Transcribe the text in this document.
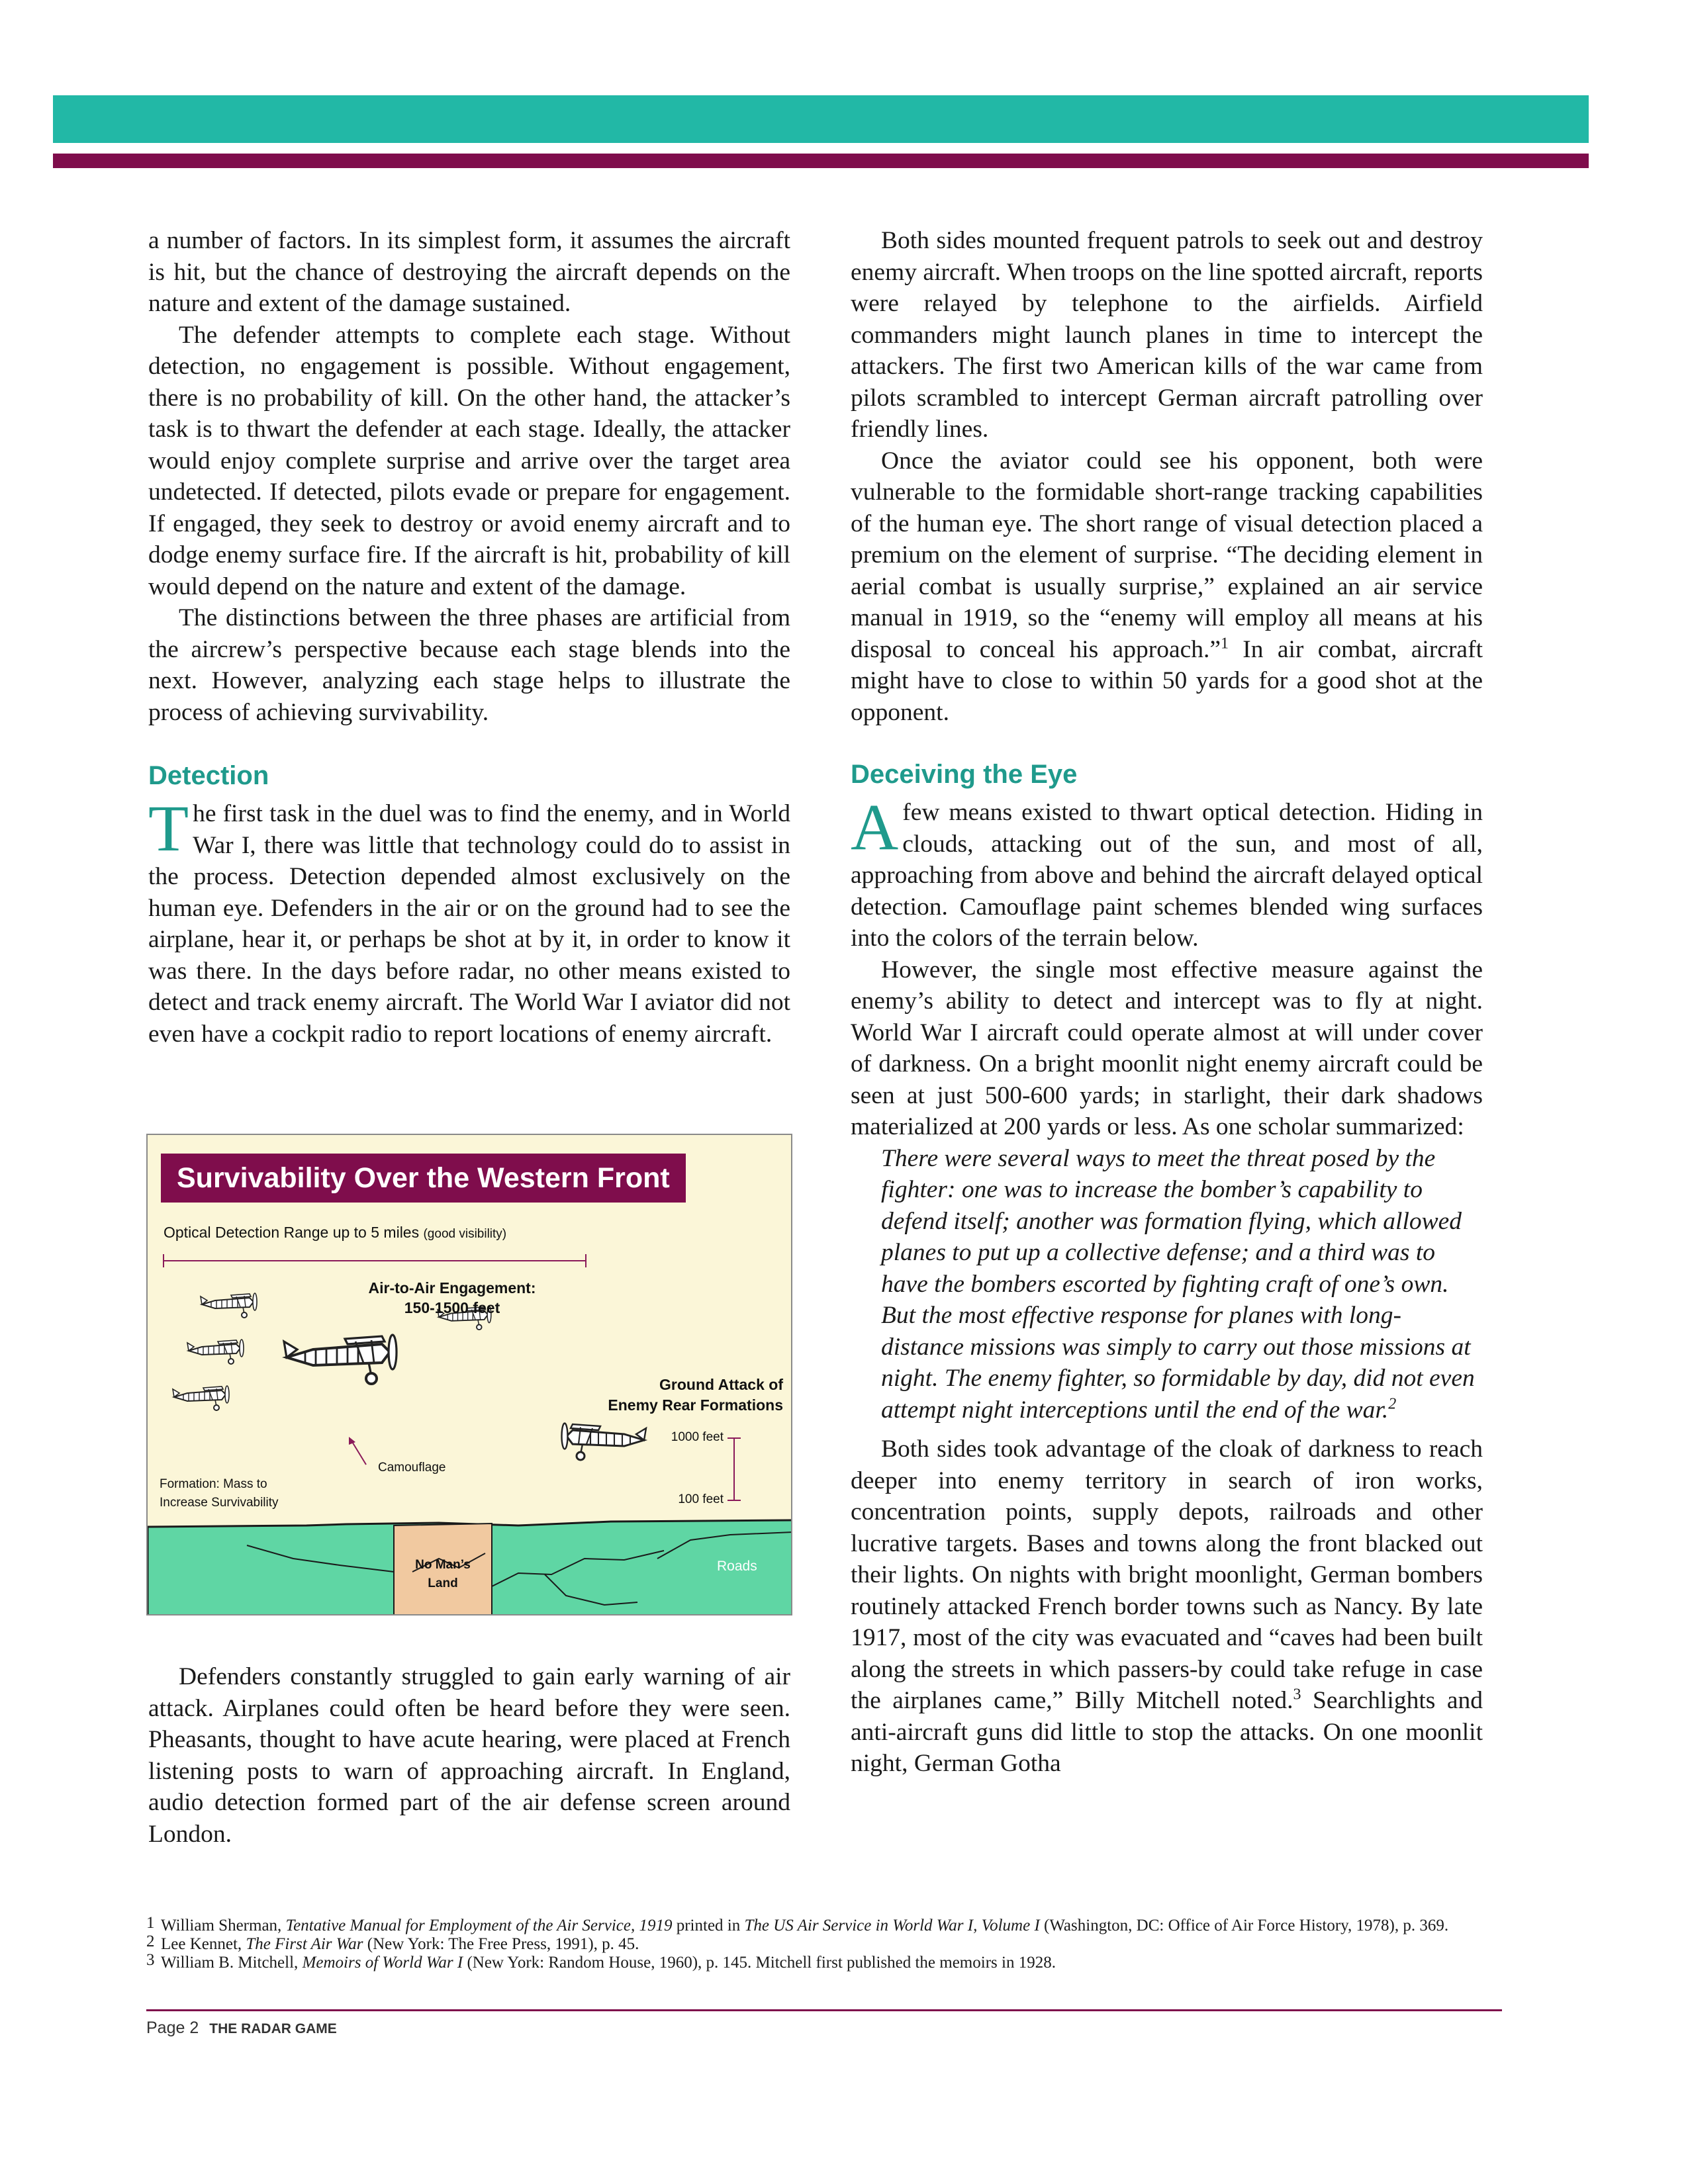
a number of factors. In its simplest form, it assumes the aircraft is hit, but the chance of destroying the aircraft depends on the nature and extent of the damage sustained.

The defender attempts to complete each stage. Without detection, no engagement is possible. Without engagement, there is no probability of kill. On the other hand, the attacker’s task is to thwart the defender at each stage. Ideally, the attacker would enjoy complete surprise and arrive over the target area undetected. If detected, pilots evade or prepare for engagement. If engaged, they seek to destroy or avoid enemy aircraft and to dodge enemy surface fire. If the aircraft is hit, probability of kill would depend on the nature and extent of the damage.

The distinctions between the three phases are artificial from the aircrew’s perspective because each stage blends into the next. However, analyzing each stage helps to illustrate the process of achieving survivability.

Detection

The first task in the duel was to find the enemy, and in World War I, there was little that technology could do to assist in the process. Detection depended almost exclusively on the human eye. Defenders in the air or on the ground had to see the airplane, hear it, or perhaps be shot at by it, in order to know it was there. In the days before radar, no other means existed to detect and track enemy aircraft. The World War I aviator did not even have a cockpit radio to report locations of enemy aircraft.

Survivability Over the Western Front
Optical Detection Range up to 5 miles (good visibility)
Air-to-Air Engagement:
150-1500 feet
Ground Attack of
Enemy Rear Formations
1000 feet
100 feet
Camouflage
Formation: Mass to
Increase Survivability
No Man’s
Land
Roads

Defenders constantly struggled to gain early warning of air attack. Airplanes could often be heard before they were seen. Pheasants, thought to have acute hearing, were placed at French listening posts to warn of approaching aircraft. In England, audio detection formed part of the air defense screen around London.

Both sides mounted frequent patrols to seek out and destroy enemy aircraft. When troops on the line spotted aircraft, reports were relayed by telephone to the airfields. Airfield commanders might launch planes in time to intercept the attackers. The first two American kills of the war came from pilots scrambled to intercept German aircraft patrolling over friendly lines.

Once the aviator could see his opponent, both were vulnerable to the formidable short-range tracking capabilities of the human eye. The short range of visual detection placed a premium on the element of surprise. “The deciding element in aerial combat is usually surprise,” explained an air service manual in 1919, so the “enemy will employ all means at his disposal to conceal his approach.”$^1$ In air combat, aircraft might have to close to within 50 yards for a good shot at the opponent.

Deceiving the Eye

Afew means existed to thwart optical detection. Hiding in clouds, attacking out of the sun, and most of all, approaching from above and behind the aircraft delayed optical detection. Camouflage paint schemes blended wing surfaces into the colors of the terrain below.

However, the single most effective measure against the enemy’s ability to detect and intercept was to fly at night. World War I aircraft could operate almost at will under cover of darkness. On a bright moonlit night enemy aircraft could be seen at just 500-600 yards; in starlight, their dark shadows materialized at 200 yards or less. As one scholar summarized:

There were several ways to meet the threat posed by the fighter: one was to increase the bomber’s capability to defend itself; another was formation flying, which allowed planes to put up a collective defense; and a third was to have the bombers escorted by fighting craft of one’s own. But the most effective response for planes with long-distance missions was simply to carry out those missions at night. The enemy fighter, so formidable by day, did not even attempt night interceptions until the end of the war.$^2$

Both sides took advantage of the cloak of darkness to reach deeper into enemy territory in search of iron works, concentration points, supply depots, railroads and other lucrative targets. Bases and towns along the front blacked out their lights. On nights with bright moonlight, German bombers routinely attacked French border towns such as Nancy. By late 1917, most of the city was evacuated and “caves had been built along the streets in which passers-by could take refuge in case the airplanes came,” Billy Mitchell noted.$^3$ Searchlights and anti-aircraft guns did little to stop the attacks. On one moonlit night, German Gotha

1 William Sherman, Tentative Manual for Employment of the Air Service, 1919 printed in The US Air Service in World War I, Volume I (Washington, DC: Office of Air Force History, 1978), p. 369.
2 Lee Kennet, The First Air War (New York: The Free Press, 1991), p. 45.
3 William B. Mitchell, Memoirs of World War I (New York: Random House, 1960), p. 145. Mitchell first published the memoirs in 1928.
Page 2 THE RADAR GAME
